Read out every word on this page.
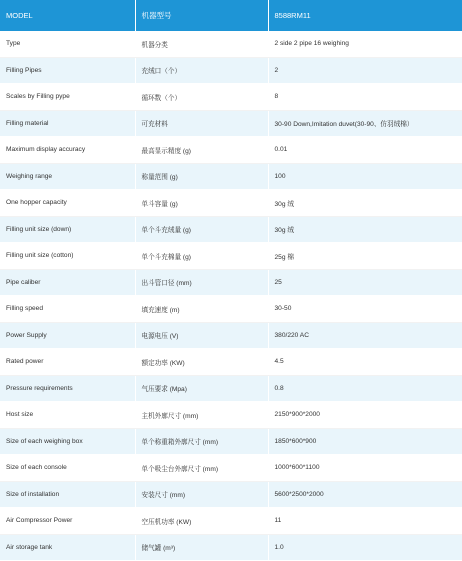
MODEL	机器型号	8588RM11
Type	机器分类	2 side 2 pipe 16 weighing
Filling Pipes	充绒口（个）	2
Scales by Filling pype	循环数（个）	8
Filling material	可充材料	30-90 Down,Imitation duvet(30-90、仿羽绒棉）
Maximum display accuracy	最高显示精度 (g)	0.01
Weighing range	称量范围 (g)	100
One hopper capacity	单斗容量 (g)	30g 绒
Filling unit size (down)	单个斗充绒量 (g)	30g 绒
Filling unit size (cotton)	单个斗充棉量 (g)	25g 棉
Pipe caliber	出斗管口径 (mm)	25
Filling speed	填充速度 (m)	30-50
Power Supply	电源电压 (V)	380/220 AC
Rated power	额定功率 (KW)	4.5
Pressure requirements	气压要求 (Mpa)	0.8
Host size	主机外廓尺寸 (mm)	2150*900*2000
Size of each weighing box	单个称重箱外廓尺寸 (mm)	1850*600*900
Size of each console	单个吸尘台外廓尺寸 (mm)	1000*600*1100
Size of installation	安装尺寸 (mm)	5600*2500*2000
Air Compressor Power	空压机功率 (KW)	11
Air storage tank	储气罐 (m³)	1.0
